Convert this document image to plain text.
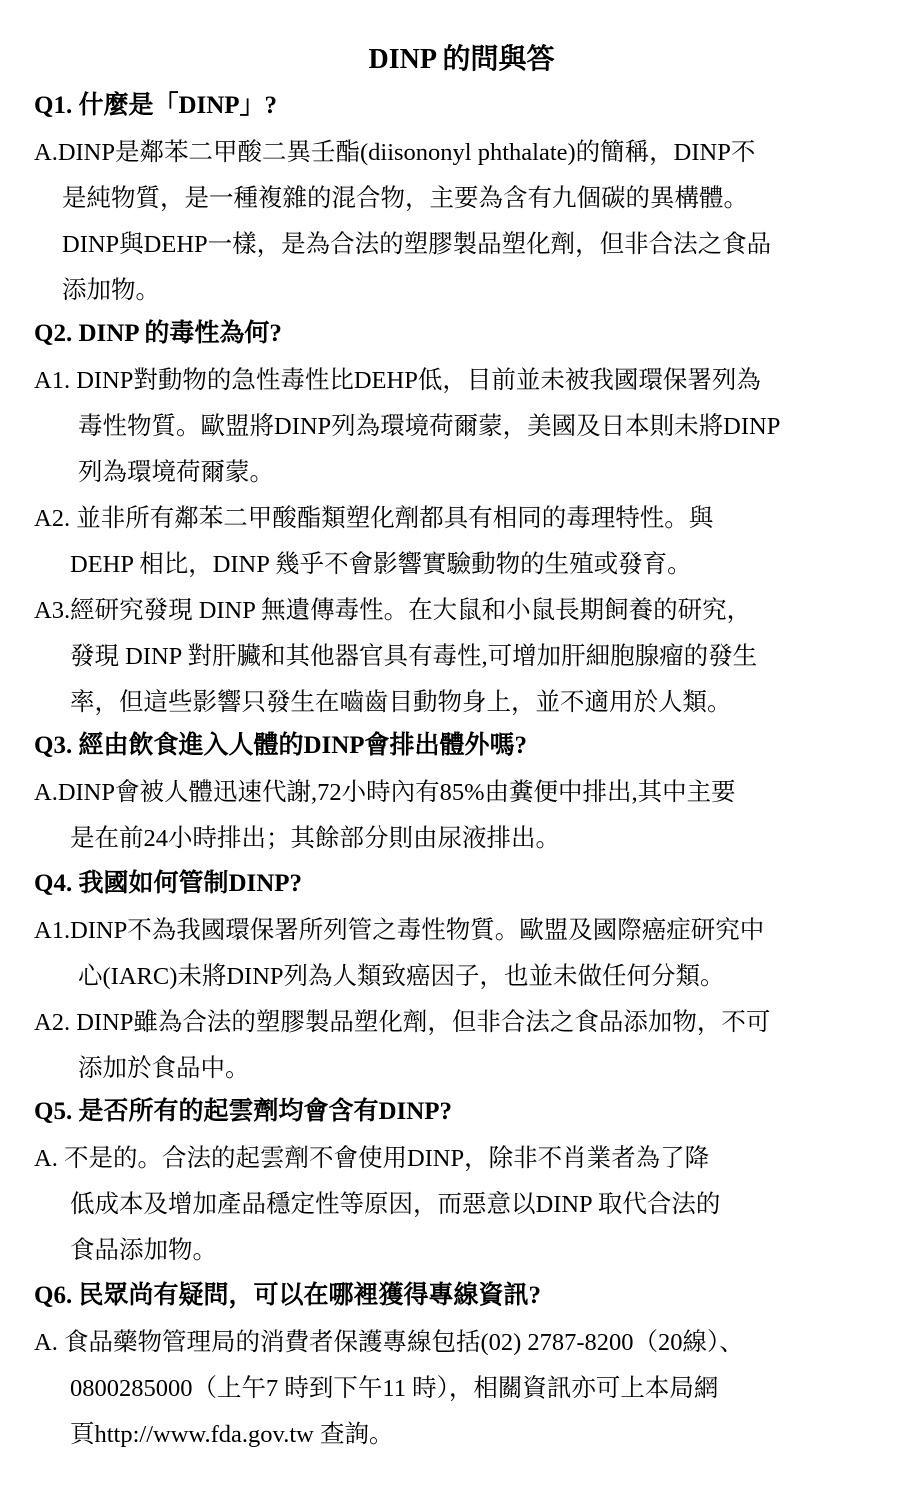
DINP 的問與答
Q1. 什麼是「DINP」?
A.DINP是鄰苯二甲酸二異壬酯(diisononyl phthalate)的簡稱，DINP不
是純物質，是一種複雜的混合物，主要為含有九個碳的異構體。
DINP與DEHP一樣，是為合法的塑膠製品塑化劑，但非合法之食品
添加物。
Q2. DINP 的毒性為何?
A1. DINP對動物的急性毒性比DEHP低，目前並未被我國環保署列為
毒性物質。歐盟將DINP列為環境荷爾蒙，美國及日本則未將DINP
列為環境荷爾蒙。
A2. 並非所有鄰苯二甲酸酯類塑化劑都具有相同的毒理特性。與
DEHP 相比，DINP 幾乎不會影響實驗動物的生殖或發育。
A3.經研究發現 DINP 無遺傳毒性。在大鼠和小鼠長期飼養的研究，
發現 DINP 對肝臟和其他器官具有毒性,可增加肝細胞腺瘤的發生
率，但這些影響只發生在嚙齒目動物身上，並不適用於人類。
Q3. 經由飲食進入人體的DINP會排出體外嗎?
A.DINP會被人體迅速代謝,72小時內有85%由糞便中排出,其中主要
是在前24小時排出；其餘部分則由尿液排出。
Q4. 我國如何管制DINP?
A1.DINP不為我國環保署所列管之毒性物質。歐盟及國際癌症研究中
心(IARC)未將DINP列為人類致癌因子，也並未做任何分類。
A2. DINP雖為合法的塑膠製品塑化劑，但非合法之食品添加物，不可
添加於食品中。
Q5. 是否所有的起雲劑均會含有DINP?
A. 不是的。合法的起雲劑不會使用DINP，除非不肖業者為了降
低成本及增加產品穩定性等原因，而惡意以DINP 取代合法的
食品添加物。
Q6. 民眾尚有疑問，可以在哪裡獲得專線資訊?
A. 食品藥物管理局的消費者保護專線包括(02) 2787-8200（20線）、
0800285000（上午7 時到下午11 時），相關資訊亦可上本局網
頁http://www.fda.gov.tw 查詢。
